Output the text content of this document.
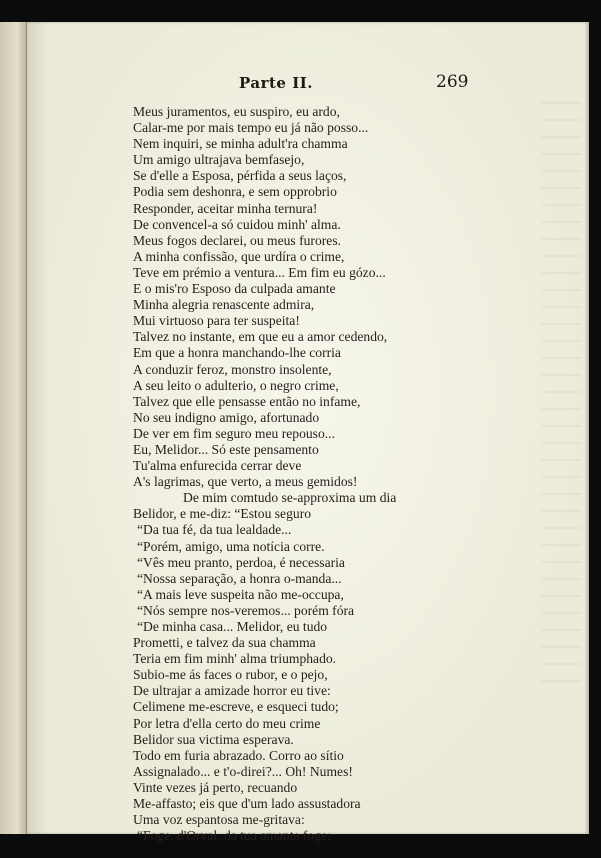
Parte II.	269
Meus juramentos, eu suspiro, eu ardo,
Calar-me por mais tempo eu já não posso...
Nem inquiri, se minha adult'ra chamma
Um amigo ultrajava bemfasejo,
Se d'elle a Esposa, pérfida a seus laços,
Podia sem deshonra, e sem opprobrio
Responder, aceitar minha ternura!
De convencel-a só cuidou minh' alma.
Meus fogos declarei, ou meus furores.
A minha confissão, que urdíra o crime,
Teve em prémio a ventura... Em fim eu gózo...
E o mis'ro Esposo da culpada amante
Minha alegria renascente admira,
Mui virtuoso para ter suspeita!
Talvez no instante, em que eu a amor cedendo,
Em que a honra manchando-lhe corria
A conduzir feroz, monstro insolente,
A seu leito o adulterio, o negro crime,
Talvez que elle pensasse então no infame,
No seu indigno amigo, afortunado
De ver em fim seguro meu repouso...
Eu, Melidor... Só este pensamento
Tu'alma enfurecida cerrar deve
A's lagrimas, que verto, a meus gemidos!
De mim comtudo se-approxima um dia
Belidor, e me-diz: “Estou seguro
“Da tua fé, da tua lealdade...
“Porém, amigo, uma notícia corre.
“Vês meu pranto, perdoa, é necessaria
“Nossa separação, a honra o-manda...
“A mais leve suspeita não me-occupa,
“Nós sempre nos-veremos... porém fóra
“De minha casa... Melidor, eu tudo
Prometti, e talvez da sua chamma
Teria em fim minh' alma triumphado.
Subio-me ás faces o rubor, e o pejo,
De ultrajar a amizade horror eu tive:
Celimene me-escreve, e esqueci tudo;
Por letra d'ella certo do meu crime
Belidor sua victima esperava.
Todo em furia abrazado. Corro ao sítio
Assignalado... e t'o-direi?... Oh! Numes!
Vinte vezes já perto, recuando
Me-affasto; eis que d'um lado assustadora
Uma voz espantosa me-gritava:
“Foge, d'Orval, da tua amante foge;
